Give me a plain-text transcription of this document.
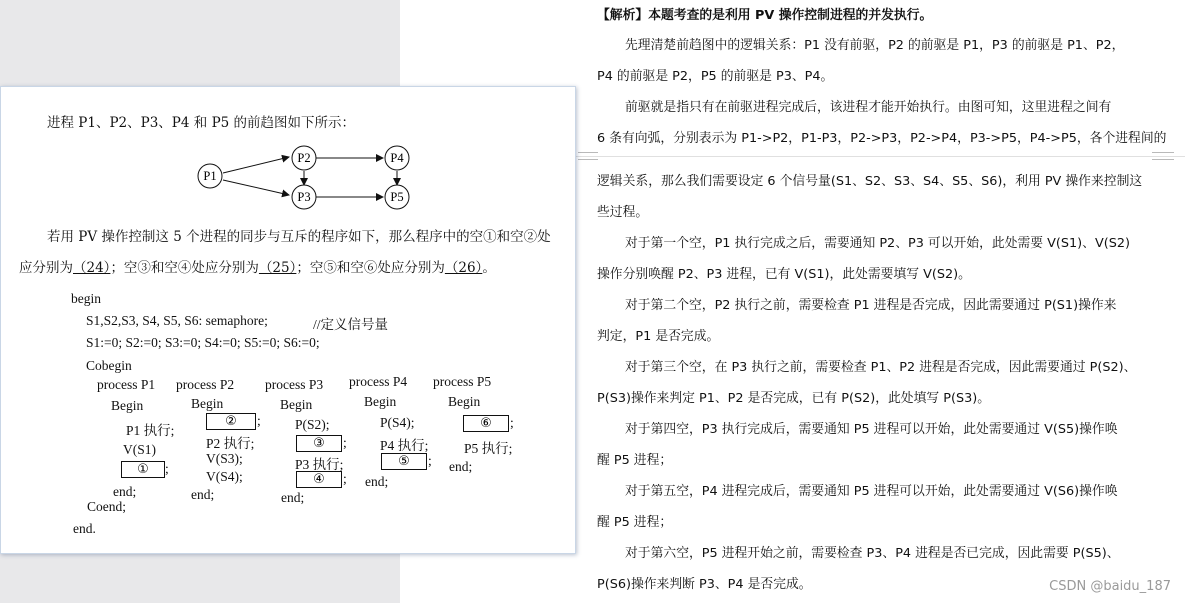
【解析】本题考查的是利用 PV 操作控制进程的并发执行。
先理清楚前趋图中的逻辑关系：P1 没有前驱，P2 的前驱是 P1，P3 的前驱是 P1、P2，
P4 的前驱是 P2，P5 的前驱是 P3、P4。
前驱就是指只有在前驱进程完成后，该进程才能开始执行。由图可知，这里进程之间有
6 条有向弧，分别表示为 P1->P2，P1-P3，P2->P3，P2->P4，P3->P5，P4->P5，各个进程间的
逻辑关系，那么我们需要设定 6 个信号量(S1、S2、S3、S4、S5、S6)，利用 PV 操作来控制这
些过程。
对于第一个空，P1 执行完成之后，需要通知 P2、P3 可以开始，此处需要 V(S1)、V(S2)
操作分别唤醒 P2、P3 进程，已有 V(S1)，此处需要填写 V(S2)。
对于第二个空，P2 执行之前，需要检查 P1 进程是否完成，因此需要通过 P(S1)操作来
判定，P1 是否完成。
对于第三个空，在 P3 执行之前，需要检查 P1、P2 进程是否完成，因此需要通过 P(S2)、
P(S3)操作来判定 P1、P2 是否完成，已有 P(S2)，此处填写 P(S3)。
对于第四空，P3 执行完成后，需要通知 P5 进程可以开始，此处需要通过 V(S5)操作唤
醒 P5 进程；
对于第五空，P4 进程完成后，需要通知 P5 进程可以开始，此处需要通过 V(S6)操作唤
醒 P5 进程；
对于第六空，P5 进程开始之前，需要检查 P3、P4 进程是否已完成，因此需要 P(S5)、
P(S6)操作来判断 P3、P4 是否完成。
进程 P1、P2、P3、P4 和 P5 的前趋图如下所示：
P1
P2
P3
P4
P5
若用 PV 操作控制这 5 个进程的同步与互斥的程序如下，那么程序中的空①和空②处
应分别为（24）；空③和空④处应分别为（25）；空⑤和空⑥处应分别为（26）。
begin
S1,S2,S3, S4, S5, S6: semaphore;	//定义信号量
S1:=0; S2:=0; S3:=0; S4:=0; S5:=0; S6:=0;
Cobegin
process P1
Begin
P1 执行;
V(S1)
①	;
end;
process P2
Begin
②	;
P2 执行;
V(S3);
V(S4);
end;
process P3
Begin
P(S2);
③	;
P3 执行;
④	;
end;
process P4
Begin
P(S4);
P4 执行;
⑤	;
end;
process P5
Begin
⑥	;
P5 执行;
end;
Coend;
end.
CSDN @baidu_187
